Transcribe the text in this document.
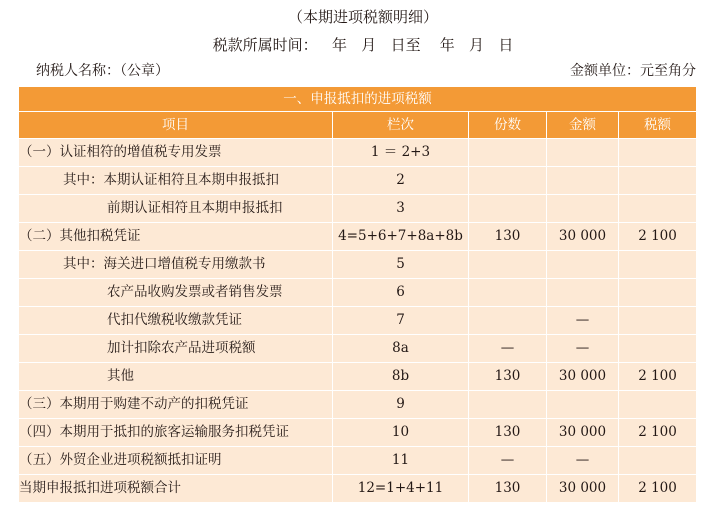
（本期进项税额明细）
税款所属时间： 年 月 日至 年 月 日
纳税人名称：（公章）	金额单位：元至角分
一、申报抵扣的进项税额				
项目	栏次	份数	金额	税额
（一）认证相符的增值税专用发票	1 ＝ 2+3			
其中：本期认证相符且本期申报抵扣	2			
前期认证相符且本期申报抵扣	3			
（二）其他扣税凭证	4=5+6+7+8a+8b	130	30 000	2 100
其中：海关进口增值税专用缴款书	5			
农产品收购发票或者销售发票	6			
代扣代缴税收缴款凭证	7		—	
加计扣除农产品进项税额	8a	—	—	
其他	8b	130	30 000	2 100
（三）本期用于购建不动产的扣税凭证	9			
（四）本期用于抵扣的旅客运输服务扣税凭证	10	130	30 000	2 100
（五）外贸企业进项税额抵扣证明	11	—	—	
当期申报抵扣进项税额合计	12=1+4+11	130	30 000	2 100
